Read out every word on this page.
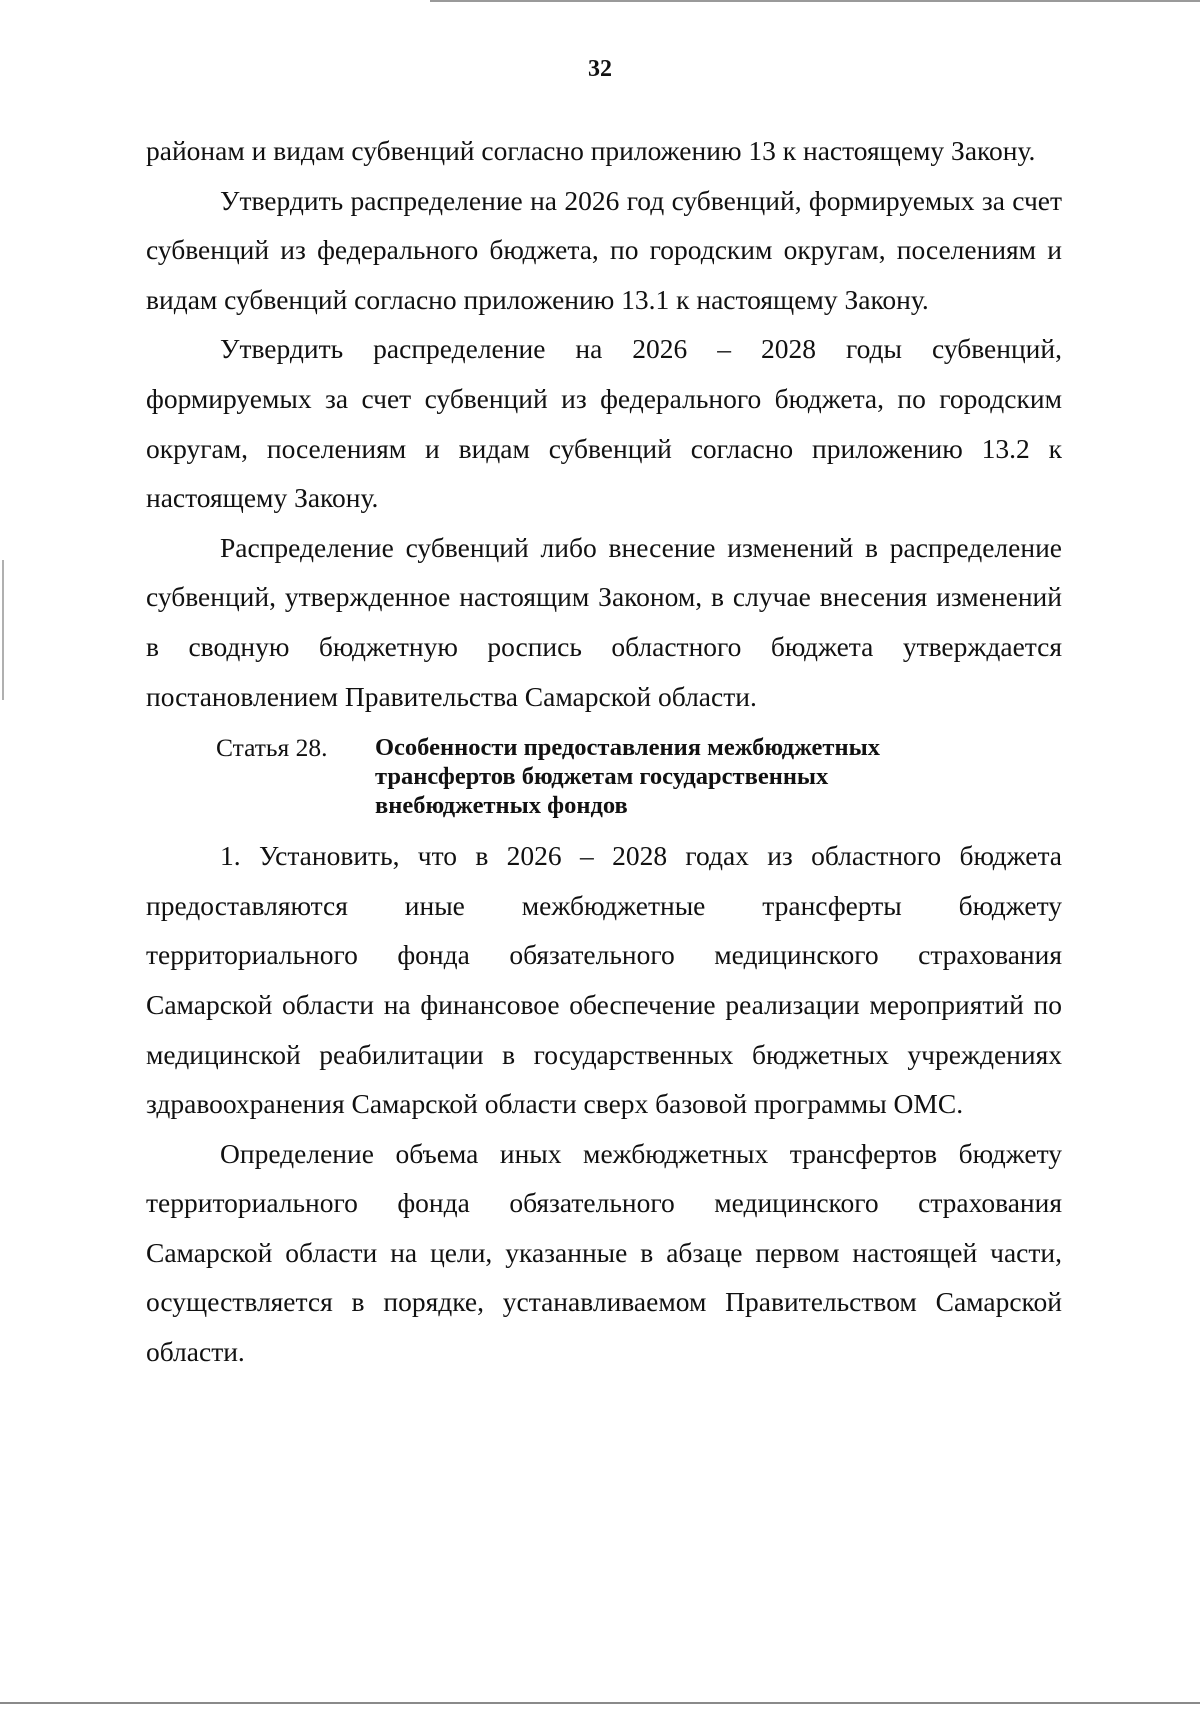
32

районам и видам субвенций согласно приложению 13 к настоящему Закону.

Утвердить распределение на 2026 год субвенций, формируемых за счет субвенций из федерального бюджета, по городским округам, поселениям и видам субвенций согласно приложению 13.1 к настоящему Закону.

Утвердить распределение на 2026 – 2028 годы субвенций, формируемых за счет субвенций из федерального бюджета, по городским округам, поселениям и видам субвенций согласно приложению 13.2 к настоящему Закону.

Распределение субвенций либо внесение изменений в распределение субвенций, утвержденное настоящим Законом, в случае внесения изменений в сводную бюджетную роспись областного бюджета утверждается постановлением Правительства Самарской области.

Статья 28. Особенности предоставления межбюджетных трансфертов бюджетам государственных внебюджетных фондов

1. Установить, что в 2026 – 2028 годах из областного бюджета предоставляются иные межбюджетные трансферты бюджету территориального фонда обязательного медицинского страхования Самарской области на финансовое обеспечение реализации мероприятий по медицинской реабилитации в государственных бюджетных учреждениях здравоохранения Самарской области сверх базовой программы ОМС.

Определение объема иных межбюджетных трансфертов бюджету территориального фонда обязательного медицинского страхования Самарской области на цели, указанные в абзаце первом настоящей части, осуществляется в порядке, устанавливаемом Правительством Самарской области.
